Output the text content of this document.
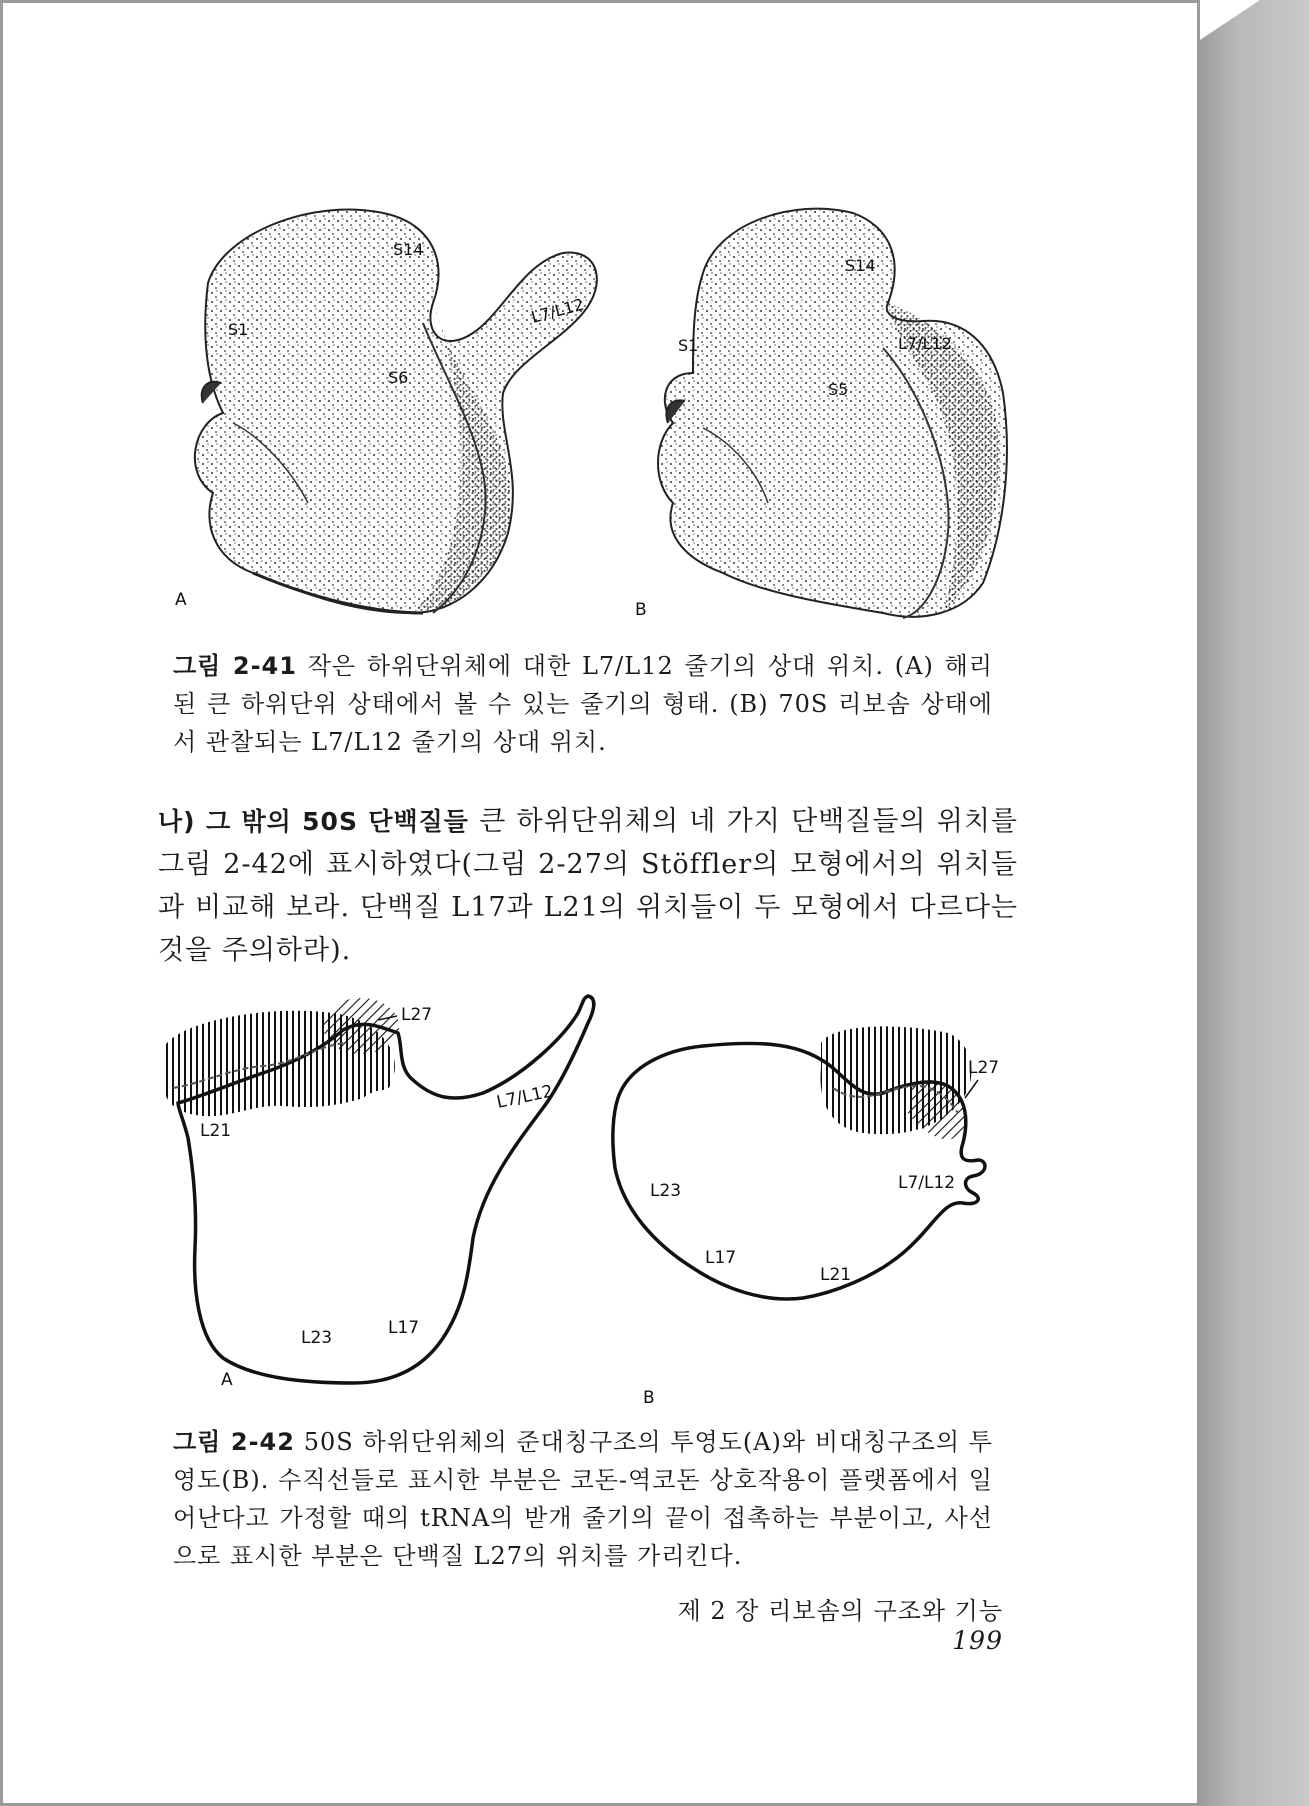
S14
S1
S6
L7/L12
A
S14
S1
S5
L7/L12
B
그림 2-41 작은 하위단위체에 대한 L7/L12 줄기의 상대 위치. (A) 해리된 큰 하위단위 상태에서 볼 수 있는 줄기의 형태. (B) 70S 리보솜 상태에서 관찰되는 L7/L12 줄기의 상대 위치.
나) 그 밖의 50S 단백질들 큰 하위단위체의 네 가지 단백질들의 위치를 그림 2-42에 표시하였다(그림 2-27의 Stöffler의 모형에서의 위치들과 비교해 보라. 단백질 L17과 L21의 위치들이 두 모형에서 다르다는 것을 주의하라).
L27
L7/L12
L21
L23	L17
A
L27
L7/L12
L23
L17
L21
B
그림 2-42 50S 하위단위체의 준대칭구조의 투영도(A)와 비대칭구조의 투영도(B). 수직선들로 표시한 부분은 코돈-역코돈 상호작용이 플랫폼에서 일어난다고 가정할 때의 tRNA의 받개 줄기의 끝이 접촉하는 부분이고, 사선으로 표시한 부분은 단백질 L27의 위치를 가리킨다.
제 2 장 리보솜의 구조와 기능199
